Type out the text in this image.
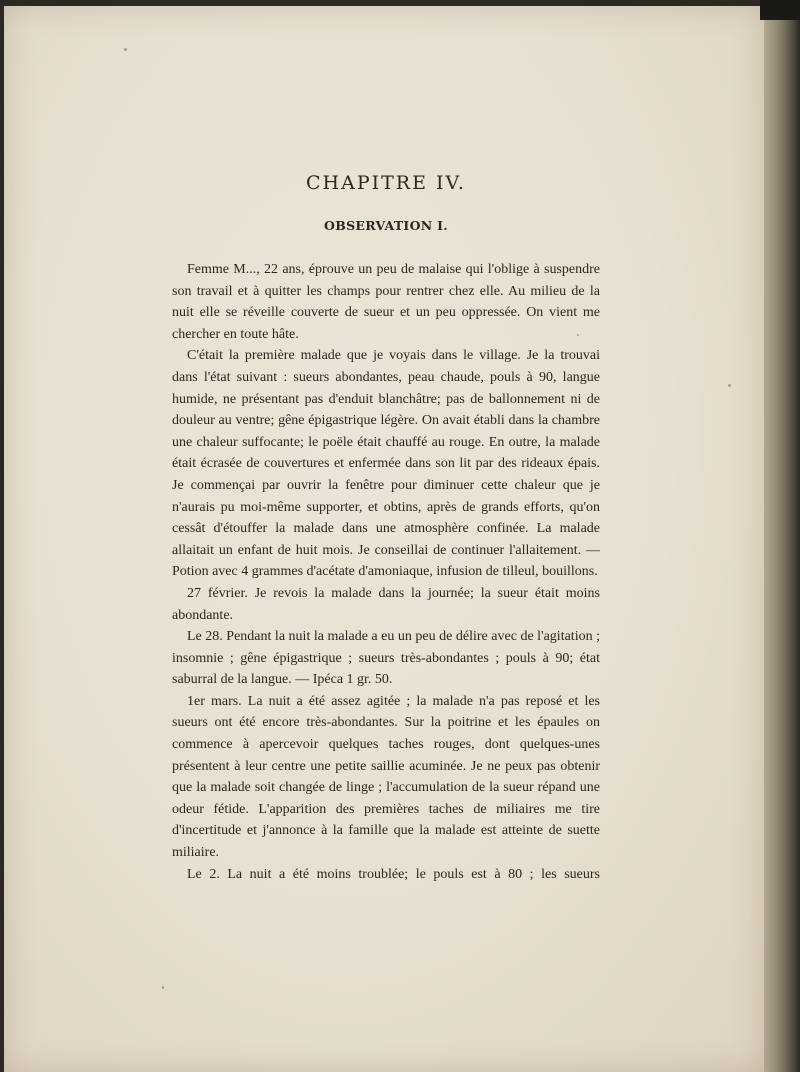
CHAPITRE IV.
OBSERVATION I.

Femme M..., 22 ans, éprouve un peu de malaise qui l'oblige à suspendre son travail et à quitter les champs pour rentrer chez elle. Au milieu de la nuit elle se réveille couverte de sueur et un peu oppressée. On vient me chercher en toute hâte.

C'était la première malade que je voyais dans le village. Je la trouvai dans l'état suivant : sueurs abondantes, peau chaude, pouls à 90, langue humide, ne présentant pas d'enduit blanchâtre; pas de ballonnement ni de douleur au ventre; gêne épigastrique légère. On avait établi dans la chambre une chaleur suffocante; le poële était chauffé au rouge. En outre, la malade était écrasée de couvertures et enfermée dans son lit par des rideaux épais. Je commençai par ouvrir la fenêtre pour diminuer cette chaleur que je n'aurais pu moi-même supporter, et obtins, après de grands efforts, qu'on cessât d'étouffer la malade dans une atmosphère confinée. La malade allaitait un enfant de huit mois. Je conseillai de continuer l'allaitement. — Potion avec 4 grammes d'acétate d'amoniaque, infusion de tilleul, bouillons.

27 février. Je revois la malade dans la journée; la sueur était moins abondante.

Le 28. Pendant la nuit la malade a eu un peu de délire avec de l'agitation ; insomnie ; gêne épigastrique ; sueurs très-abondantes ; pouls à 90; état saburral de la langue. — Ipéca 1 gr. 50.

1er mars. La nuit a été assez agitée ; la malade n'a pas reposé et les sueurs ont été encore très-abondantes. Sur la poitrine et les épaules on commence à apercevoir quelques taches rouges, dont quelques-unes présentent à leur centre une petite saillie acuminée. Je ne peux pas obtenir que la malade soit changée de linge ; l'accumulation de la sueur répand une odeur fétide. L'apparition des premières taches de miliaires me tire d'incertitude et j'annonce à la famille que la malade est atteinte de suette miliaire.

Le 2. La nuit a été moins troublée; le pouls est à 80 ; les sueurs
